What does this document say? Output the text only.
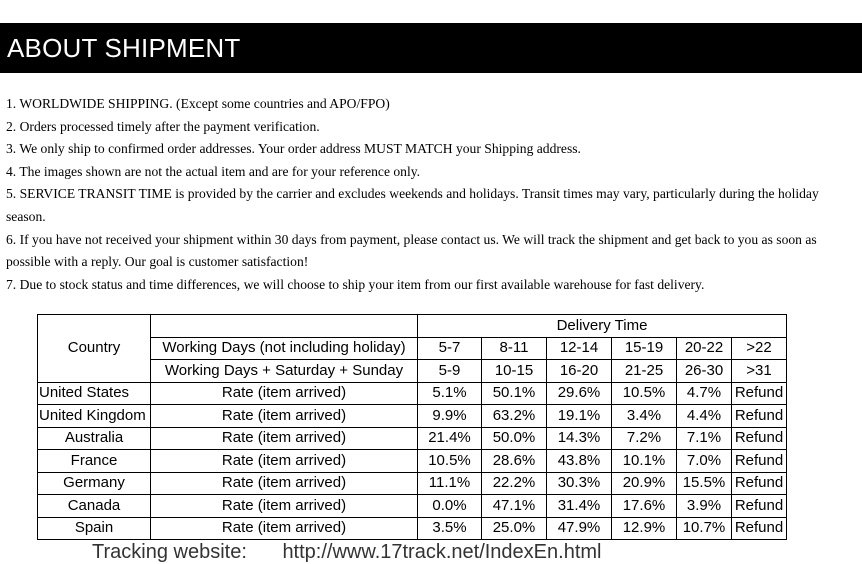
ABOUT SHIPMENT
1. WORLDWIDE SHIPPING. (Except some countries and APO/FPO)
2. Orders processed timely after the payment verification.
3. We only ship to confirmed order addresses. Your order address MUST MATCH your Shipping address.
4. The images shown are not the actual item and are for your reference only.
5. SERVICE TRANSIT TIME is provided by the carrier and excludes weekends and holidays. Transit times may vary, particularly during the holiday season.
6. If you have not received your shipment within 30 days from payment, please contact us. We will track the shipment and get back to you as soon as possible with a reply. Our goal is customer satisfaction!
7. Due to stock status and time differences, we will choose to ship your item from our first available warehouse for fast delivery.
Country		Delivery Time					
	Working Days (not including holiday)	5-7	8-11	12-14	15-19	20-22	>22
	Working Days + Saturday + Sunday	5-9	10-15	16-20	21-25	26-30	>31
United States	Rate (item arrived)	5.1%	50.1%	29.6%	10.5%	4.7%	Refund
United Kingdom	Rate (item arrived)	9.9%	63.2%	19.1%	3.4%	4.4%	Refund
Australia	Rate (item arrived)	21.4%	50.0%	14.3%	7.2%	7.1%	Refund
France	Rate (item arrived)	10.5%	28.6%	43.8%	10.1%	7.0%	Refund
Germany	Rate (item arrived)	11.1%	22.2%	30.3%	20.9%	15.5%	Refund
Canada	Rate (item arrived)	0.0%	47.1%	31.4%	17.6%	3.9%	Refund
Spain	Rate (item arrived)	3.5%	25.0%	47.9%	12.9%	10.7%	Refund
Tracking website: http://www.17track.net/IndexEn.html
